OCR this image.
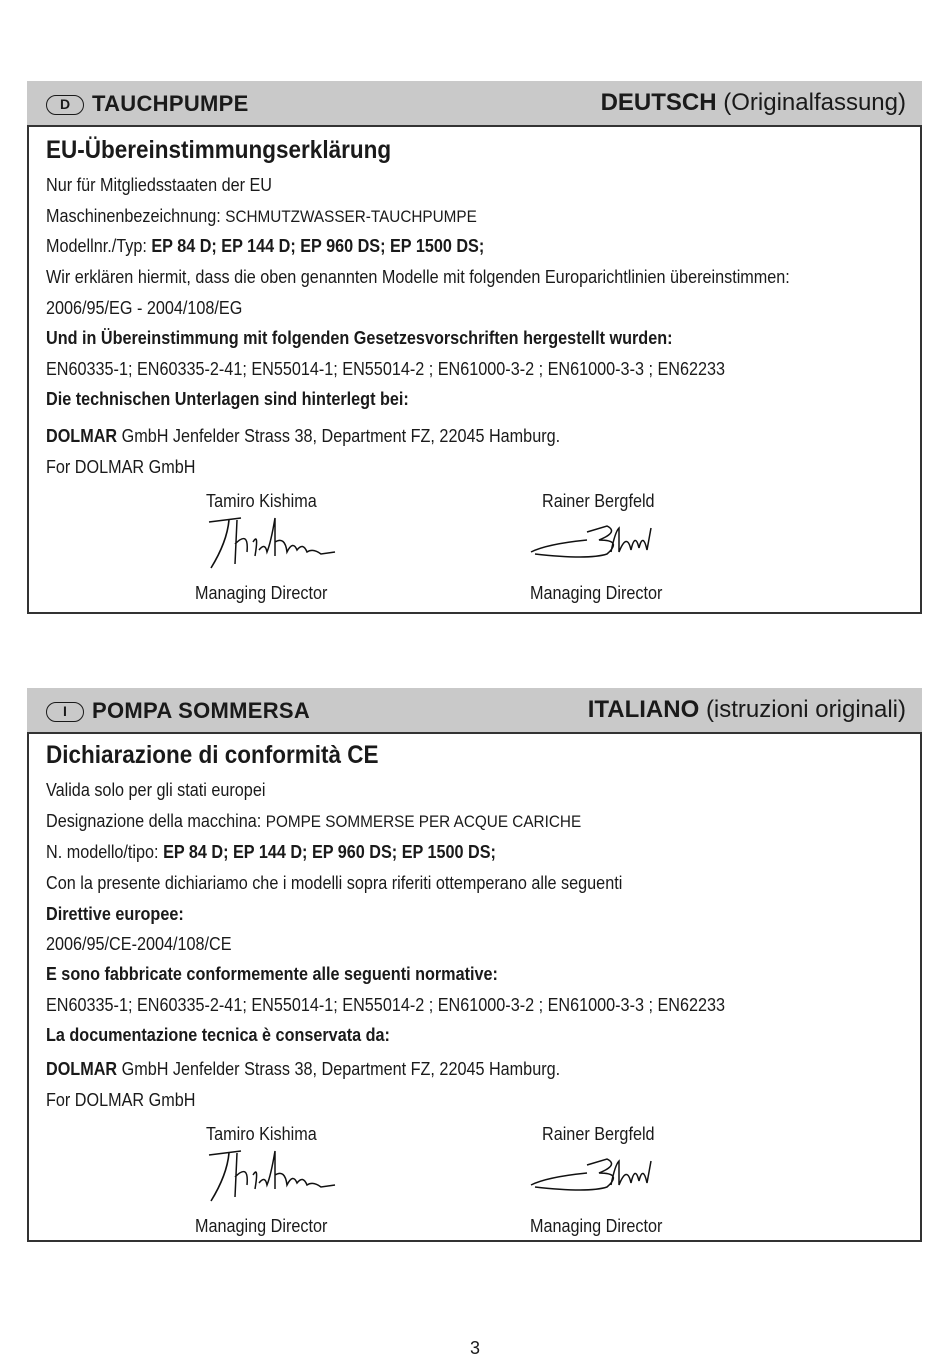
D TAUCHPUMPE	DEUTSCH (Originalfassung)
EU-Übereinstimmungserklärung
Nur für Mitgliedsstaaten der EU
Maschinenbezeichnung: SCHMUTZWASSER-TAUCHPUMPE
Modellnr./Typ: EP 84 D; EP 144 D; EP 960 DS; EP 1500 DS;
Wir erklären hiermit, dass die oben genannten Modelle mit folgenden Europarichtlinien übereinstimmen:
2006/95/EG - 2004/108/EG
Und in Übereinstimmung mit folgenden Gesetzesvorschriften hergestellt wurden:
EN60335-1; EN60335-2-41; EN55014-1; EN55014-2 ; EN61000-3-2 ; EN61000-3-3 ; EN62233
Die technischen Unterlagen sind hinterlegt bei:
DOLMAR GmbH Jenfelder Strass 38, Department FZ, 22045 Hamburg.
For DOLMAR GmbH
Tamiro Kishima
Managing Director
Rainer Bergfeld
Managing Director
I	POMPA SOMMERSA	ITALIANO (istruzioni originali)
Dichiarazione di conformità CE
Valida solo per gli stati europei
Designazione della macchina: POMPE SOMMERSE PER ACQUE CARICHE
N. modello/tipo: EP 84 D; EP 144 D; EP 960 DS; EP 1500 DS;
Con la presente dichiariamo che i modelli sopra riferiti ottemperano alle seguenti
Direttive europee:
2006/95/CE-2004/108/CE
E sono fabbricate conformemente alle seguenti normative:
EN60335-1; EN60335-2-41; EN55014-1; EN55014-2 ; EN61000-3-2 ; EN61000-3-3 ; EN62233
La documentazione tecnica è conservata da:
DOLMAR GmbH Jenfelder Strass 38, Department FZ, 22045 Hamburg.
For DOLMAR GmbH
Tamiro Kishima
Managing Director
Rainer Bergfeld
Managing Director
3
